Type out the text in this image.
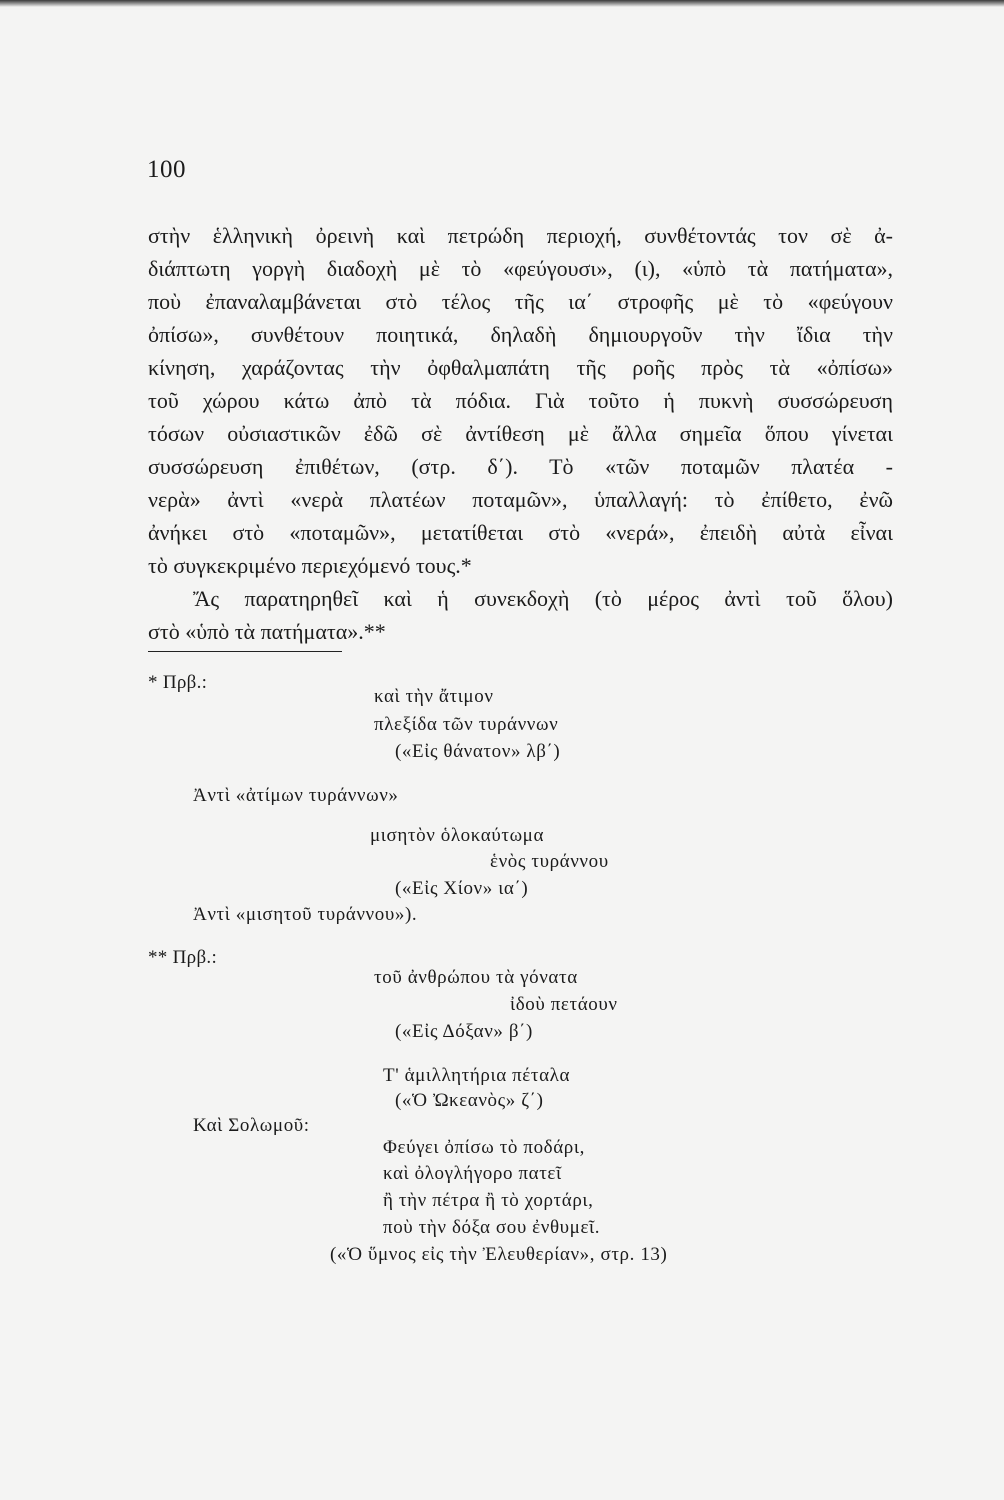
100
στὴν ἑλληνικὴ ὀρεινὴ καὶ πετρώδη περιοχή, συνθέτοντάς τον σὲ ἀ-
διάπτωτη γοργὴ διαδοχὴ μὲ τὸ «φεύγουσι», (ι), «ὑπὸ τὰ πατήματα»,
ποὺ ἐπαναλαμβάνεται στὸ τέλος τῆς ια΄ στροφῆς μὲ τὸ «φεύγουν
ὀπίσω», συνθέτουν ποιητικά, δηλαδὴ δημιουργοῦν τὴν ἴδια τὴν
κίνηση, χαράζοντας τὴν ὀφθαλμαπάτη τῆς ροῆς πρὸς τὰ «ὀπίσω»
τοῦ χώρου κάτω ἀπὸ τὰ πόδια. Γιὰ τοῦτο ἡ πυκνὴ συσσώρευση
τόσων οὐσιαστικῶν ἐδῶ σὲ ἀντίθεση μὲ ἄλλα σημεῖα ὅπου γίνεται
συσσώρευση ἐπιθέτων, (στρ. δ΄). Τὸ «τῶν ποταμῶν πλατέα -
νερὰ» ἀντὶ «νερὰ πλατέων ποταμῶν», ὑπαλλαγή: τὸ ἐπίθετο, ἐνῶ
ἀνήκει στὸ «ποταμῶν», μετατίθεται στὸ «νερά», ἐπειδὴ αὐτὰ εἶναι
τὸ συγκεκριμένο περιεχόμενό τους.*
Ἄς παρατηρηθεῖ καὶ ἡ συνεκδοχὴ (τὸ μέρος ἀντὶ τοῦ ὅλου)
στὸ «ὑπὸ τὰ πατήματα».**
* Πρβ.:
καὶ τὴν ἄτιμον
πλεξίδα τῶν τυράννων
(«Εἰς θάνατον» λβ΄)
Ἀντὶ «ἀτίμων τυράννων»
μισητὸν ὁλοκαύτωμα
ἑνὸς τυράννου
(«Εἰς Χίον» ια΄)
Ἀντὶ «μισητοῦ τυράννου»).
** Πρβ.:
τοῦ ἀνθρώπου τὰ γόνατα
ἰδοὺ πετάουν
(«Εἰς Δόξαν» β΄)
Τ' ἁμιλλητήρια πέταλα
(«Ὁ Ὠκεανὸς» ζ΄)
Καὶ Σολωμοῦ:
Φεύγει ὀπίσω τὸ ποδάρι,
καὶ ὀλογλήγορο πατεῖ
ἢ τὴν πέτρα ἢ τὸ χορτάρι,
ποὺ τὴν δόξα σου ἐνθυμεῖ.
(«Ὁ ὕμνος εἰς τὴν Ἐλευθερίαν», στρ. 13)
